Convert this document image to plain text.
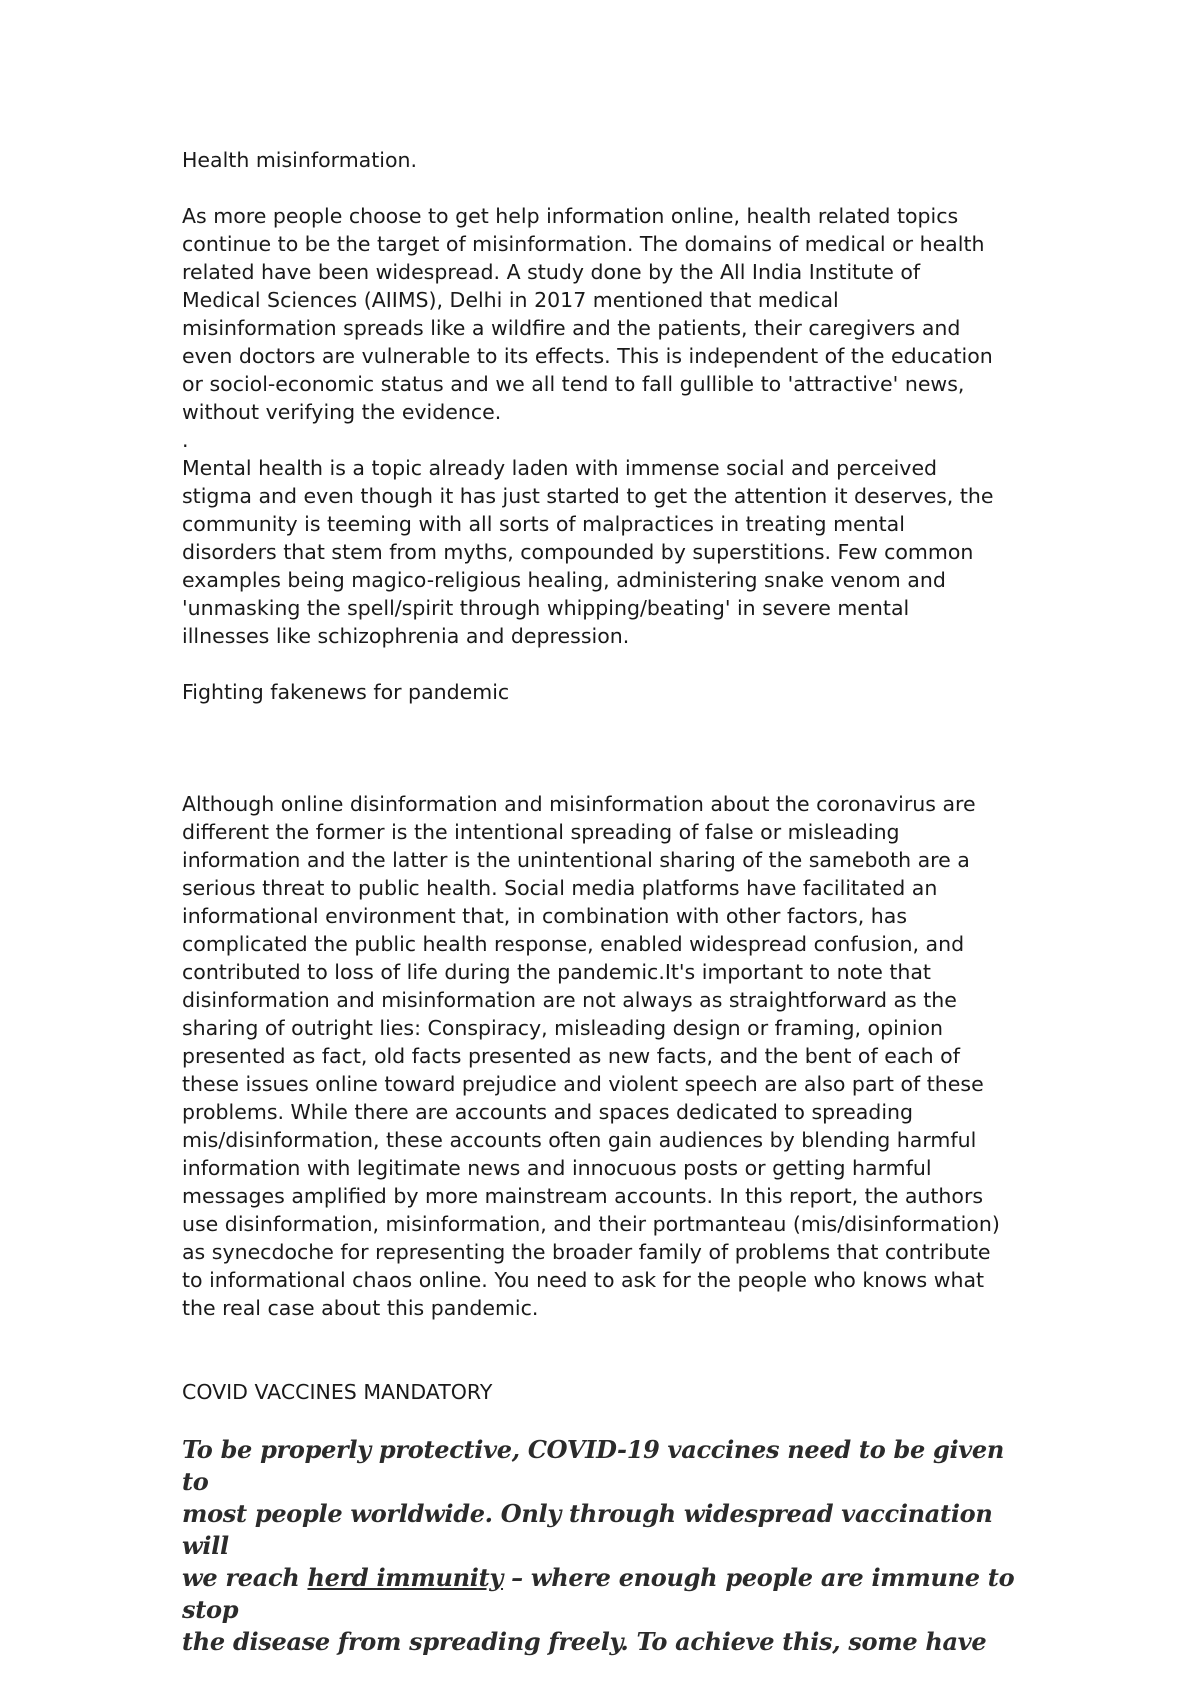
Health misinformation.

As more people choose to get help information online, health related topics
continue to be the target of misinformation. The domains of medical or health
related have been widespread. A study done by the All India Institute of
Medical Sciences (AIIMS), Delhi in 2017 mentioned that medical
misinformation spreads like a wildfire and the patients, their caregivers and
even doctors are vulnerable to its effects. This is independent of the education
or sociol-economic status and we all tend to fall gullible to 'attractive' news,
without verifying the evidence.

.

Mental health is a topic already laden with immense social and perceived
stigma and even though it has just started to get the attention it deserves, the
community is teeming with all sorts of malpractices in treating mental
disorders that stem from myths, compounded by superstitions. Few common
examples being magico-religious healing, administering snake venom and
'unmasking the spell/spirit through whipping/beating' in severe mental
illnesses like schizophrenia and depression.

Fighting fakenews for pandemic

Although online disinformation and misinformation about the coronavirus are
different the former is the intentional spreading of false or misleading
information and the latter is the unintentional sharing of the sameboth are a
serious threat to public health. Social media platforms have facilitated an
informational environment that, in combination with other factors, has
complicated the public health response, enabled widespread confusion, and
contributed to loss of life during the pandemic.It's important to note that
disinformation and misinformation are not always as straightforward as the
sharing of outright lies: Conspiracy, misleading design or framing, opinion
presented as fact, old facts presented as new facts, and the bent of each of
these issues online toward prejudice and violent speech are also part of these
problems. While there are accounts and spaces dedicated to spreading
mis/disinformation, these accounts often gain audiences by blending harmful
information with legitimate news and innocuous posts or getting harmful
messages amplified by more mainstream accounts. In this report, the authors
use disinformation, misinformation, and their portmanteau (mis/disinformation)
as synecdoche for representing the broader family of problems that contribute
to informational chaos online. You need to ask for the people who knows what
the real case about this pandemic.

COVID VACCINES MANDATORY

To be properly protective, COVID-19 vaccines need to be given to
most people worldwide. Only through widespread vaccination will
we reach herd immunity – where enough people are immune to stop
the disease from spreading freely. To achieve this, some have
